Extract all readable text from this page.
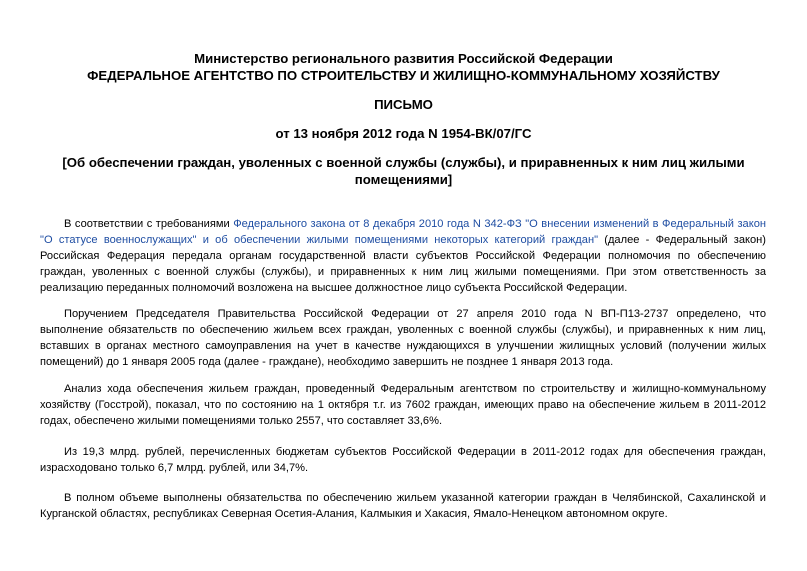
Министерство регионального развития Российской Федерации
ФЕДЕРАЛЬНОЕ АГЕНТСТВО ПО СТРОИТЕЛЬСТВУ И ЖИЛИЩНО-КОММУНАЛЬНОМУ ХОЗЯЙСТВУ
ПИСЬМО
от 13 ноября 2012 года N 1954-ВК/07/ГС
[Об обеспечении граждан, уволенных с военной службы (службы), и приравненных к ним лиц жилыми помещениями]

В соответствии с требованиями Федерального закона от 8 декабря 2010 года N 342-ФЗ "О внесении изменений в Федеральный закон "О статусе военнослужащих" и об обеспечении жилыми помещениями некоторых категорий граждан" (далее - Федеральный закон) Российская Федерация передала органам государственной власти субъектов Российской Федерации полномочия по обеспечению граждан, уволенных с военной службы (службы), и приравненных к ним лиц жилыми помещениями. При этом ответственность за реализацию переданных полномочий возложена на высшее должностное лицо субъекта Российской Федерации.

Поручением Председателя Правительства Российской Федерации от 27 апреля 2010 года N ВП-П13-2737 определено, что выполнение обязательств по обеспечению жильем всех граждан, уволенных с военной службы (службы), и приравненных к ним лиц, вставших в органах местного самоуправления на учет в качестве нуждающихся в улучшении жилищных условий (получении жилых помещений) до 1 января 2005 года (далее - граждане), необходимо завершить не позднее 1 января 2013 года.

Анализ хода обеспечения жильем граждан, проведенный Федеральным агентством по строительству и жилищно-коммунальному хозяйству (Госстрой), показал, что по состоянию на 1 октября т.г. из 7602 граждан, имеющих право на обеспечение жильем в 2011-2012 годах, обеспечено жилыми помещениями только 2557, что составляет 33,6%.

Из 19,3 млрд. рублей, перечисленных бюджетам субъектов Российской Федерации в 2011-2012 годах для обеспечения граждан, израсходовано только 6,7 млрд. рублей, или 34,7%.

В полном объеме выполнены обязательства по обеспечению жильем указанной категории граждан в Челябинской, Сахалинской и Курганской областях, республиках Северная Осетия-Алания, Калмыкия и Хакасия, Ямало-Ненецком автономном округе.
